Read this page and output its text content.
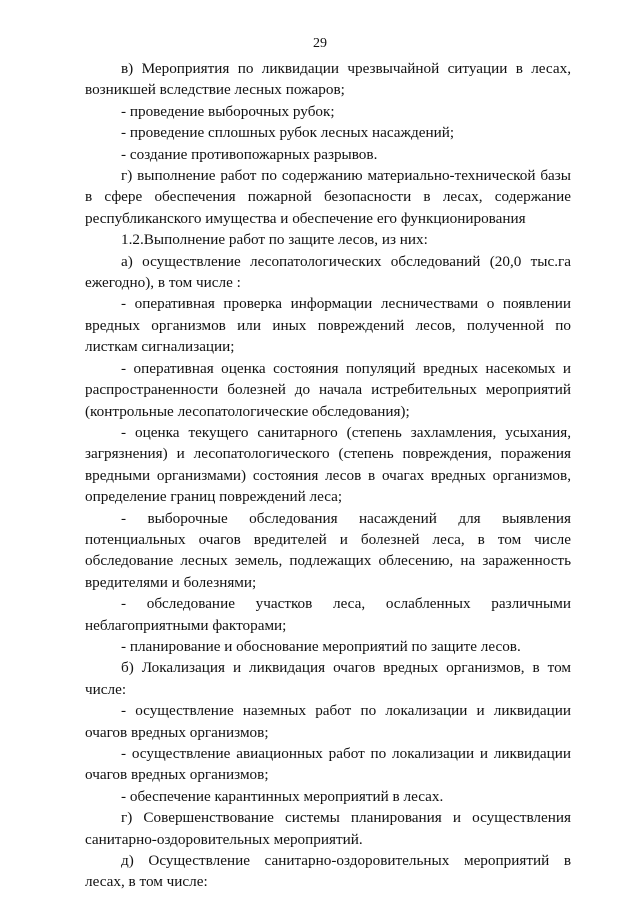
29

в) Мероприятия по ликвидации чрезвычайной ситуации в лесах, возникшей вследствие лесных пожаров;

- проведение выборочных рубок;

- проведение сплошных рубок лесных насаждений;

- создание противопожарных разрывов.

г) выполнение работ по содержанию материально-технической базы в сфере обеспечения пожарной безопасности в лесах, содержание республиканского имущества и обеспечение его функционирования

1.2.Выполнение работ по защите лесов, из них:

а) осуществление лесопатологических обследований (20,0 тыс.га ежегодно), в том числе :

- оперативная проверка информации лесничествами о появлении вредных организмов или иных повреждений лесов, полученной по листкам сигнализации;

- оперативная оценка состояния популяций вредных насекомых и распространенности болезней до начала истребительных мероприятий (контрольные лесопатологические обследования);

- оценка текущего санитарного (степень захламления, усыхания, загрязнения) и лесопатологического (степень повреждения, поражения вредными организмами) состояния лесов в очагах вредных организмов, определение границ повреждений леса;

- выборочные обследования насаждений для выявления потенциальных очагов вредителей и болезней леса, в том числе обследование лесных земель, подлежащих облесению, на зараженность вредителями и болезнями;

- обследование участков леса, ослабленных различными неблагоприятными факторами;

- планирование и обоснование мероприятий по защите лесов.

б) Локализация и ликвидация очагов вредных организмов, в том числе:

- осуществление наземных работ по локализации и ликвидации очагов вредных организмов;

- осуществление авиационных работ по локализации и ликвидации очагов вредных организмов;

- обеспечение карантинных мероприятий в лесах.

г) Совершенствование системы планирования и осуществления санитарно-оздоровительных мероприятий.

д) Осуществление санитарно-оздоровительных мероприятий в лесах, в том числе:
